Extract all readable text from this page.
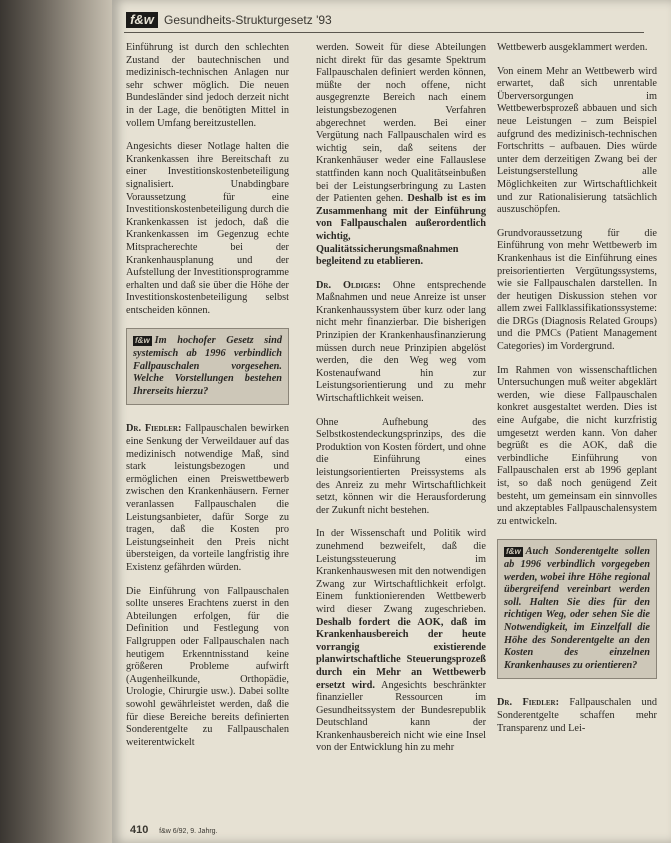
f&w Gesundheits-Strukturgesetz '93

Einführung ist durch den schlechten Zustand der bautechnischen und medizinisch-technischen Anlagen nur sehr schwer möglich. Die neuen Bundesländer sind jedoch derzeit nicht in der Lage, die benötigten Mittel in vollem Umfang bereitzustellen.

Angesichts dieser Notlage halten die Krankenkassen ihre Bereitschaft zu einer Investitionskostenbeteiligung signalisiert. Unabdingbare Voraussetzung für eine Investitionskostenbeteiligung durch die Krankenkassen ist jedoch, daß die Krankenkassen im Gegenzug echte Mitspracherechte bei der Krankenhausplanung und der Aufstellung der Investitionsprogramme erhalten und daß sie über die Höhe der Investitionskostenbeteiligung selbst entscheiden können.

f&w Im hochofer Gesetz sind systemisch ab 1996 verbindlich Fallpauschalen vorgesehen. Welche Vorstellungen bestehen Ihrerseits hierzu?

Dr. Fiedler: Fallpauschalen bewirken eine Senkung der Verweildauer auf das medizinisch notwendige Maß, sind stark leistungsbezogen und ermöglichen einen Preiswettbewerb zwischen den Krankenhäusern. Ferner veranlassen Fallpauschalen die Leistungsanbieter, dafür Sorge zu tragen, daß die Kosten pro Leistungseinheit den Preis nicht übersteigen, da vorteile langfristig ihre Existenz gefährden würden.

Die Einführung von Fallpauschalen sollte unseres Erachtens zuerst in den Abteilungen erfolgen, für die Definition und Festlegung von Fallgruppen oder Fallpauschalen nach heutigem Erkenntnisstand keine größeren Probleme aufwirft (Augenheilkunde, Orthopädie, Urologie, Chirurgie usw.). Dabei sollte sowohl gewährleistet werden, daß die für diese Bereiche bereits definierten Sonderentgelte zu Fallpauschalen weiterentwickelt

werden. Soweit für diese Abteilungen nicht direkt für das gesamte Spektrum Fallpauschalen definiert werden können, müßte der noch offene, nicht ausgegrenzte Bereich nach einem leistungsbezogenen Verfahren abgerechnet werden. Bei einer Vergütung nach Fallpauschalen wird es wichtig sein, daß seitens der Krankenhäuser weder eine Fallauslese stattfinden kann noch Qualitätseinbußen bei der Leistungserbringung zu Lasten der Patienten gehen. Deshalb ist es im Zusammenhang mit der Einführung von Fallpauschalen außerordentlich wichtig, Qualitätssicherungsmaßnahmen begleitend zu etablieren.

Dr. Oldiges: Ohne entsprechende Maßnahmen und neue Anreize ist unser Krankenhaussystem über kurz oder lang nicht mehr finanzierbar. Die bisherigen Prinzipien der Krankenhausfinanzierung müssen durch neue Prinzipien abgelöst werden, die den Weg weg vom Kostenaufwand hin zur Leistungsorientierung und zu mehr Wirtschaftlichkeit weisen.

Ohne Aufhebung des Selbstkostendeckungsprinzips, des die Produktion von Kosten fördert, und ohne die Einführung eines leistungsorientierten Preissystems als des Anreiz zu mehr Wirtschaftlichkeit setzt, können wir die Herausforderung der Zukunft nicht bestehen.

In der Wissenschaft und Politik wird zunehmend bezweifelt, daß die Leistungssteuerung im Krankenhauswesen mit den notwendigen Zwang zur Wirtschaftlichkeit erfolgt. Einem funktionierenden Wettbewerb wird dieser Zwang zugeschrieben. Deshalb fordert die AOK, daß im Krankenhausbereich der heute vorrangig existierende planwirtschaftliche Steuerungsprozeß durch ein Mehr an Wettbewerb ersetzt wird. Angesichts beschränkter finanzieller Ressourcen im Gesundheitssystem der Bundesrepublik Deutschland kann der Krankenhausbereich nicht wie eine Insel von der Entwicklung hin zu mehr

Wettbewerb ausgeklammert werden.

Von einem Mehr an Wettbewerb wird erwartet, daß sich unrentable Überversorgungen im Wettbewerbsprozeß abbauen und sich neue Leistungen – zum Beispiel aufgrund des medizinisch-technischen Fortschritts – aufbauen. Dies würde unter dem derzeitigen Zwang bei der Leistungserstellung alle Möglichkeiten zur Wirtschaftlichkeit und zur Rationalisierung tatsächlich auszuschöpfen.

Grundvoraussetzung für die Einführung von mehr Wettbewerb im Krankenhaus ist die Einführung eines preisorientierten Vergütungssystems, wie sie Fallpauschalen darstellen. In der heutigen Diskussion stehen vor allem zwei Fallklassifikationssysteme: die DRGs (Diagnosis Related Groups) und die PMCs (Patient Management Categories) im Vordergrund.

Im Rahmen von wissenschaftlichen Untersuchungen muß weiter abgeklärt werden, wie diese Fallpauschalen konkret ausgestaltet werden. Dies ist eine Aufgabe, die nicht kurzfristig umgesetzt werden kann. Von daher begrüßt es die AOK, daß die verbindliche Einführung von Fallpauschalen erst ab 1996 geplant ist, so daß noch genügend Zeit besteht, um gemeinsam ein sinnvolles und akzeptables Fallpauschalensystem zu entwickeln.

f&w Auch Sonderentgelte sollen ab 1996 verbindlich vorgegeben werden, wobei ihre Höhe regional übergreifend vereinbart werden soll. Halten Sie dies für den richtigen Weg, oder sehen Sie die Notwendigkeit, im Einzelfall die Höhe des Sonderentgelte an den Kosten des einzelnen Krankenhauses zu orientieren?

Dr. Fiedler: Fallpauschalen und Sonderentgelte schaffen mehr Transparenz und Lei-

410 f&w 6/92, 9. Jahrg.
